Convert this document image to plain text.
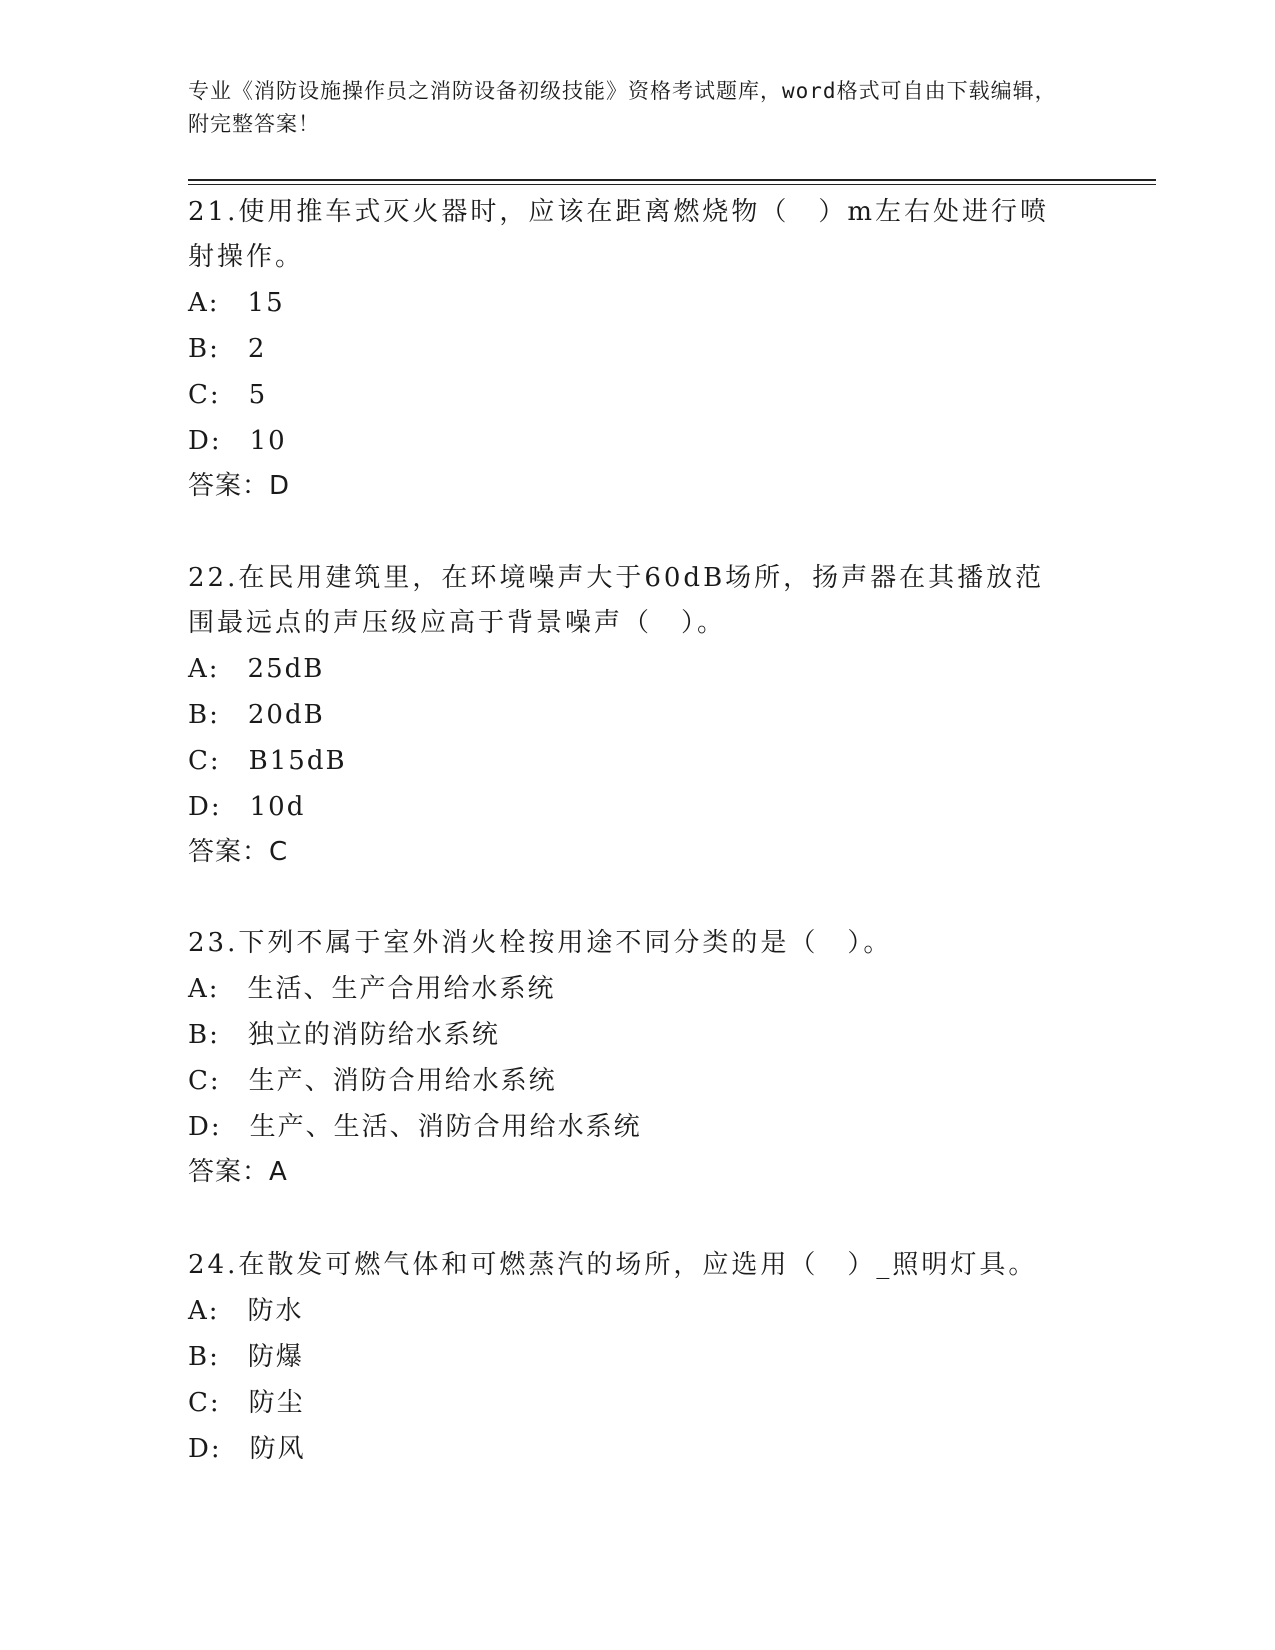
专业《消防设施操作员之消防设备初级技能》资格考试题库，word格式可自由下载编辑，附完整答案！

21.使用推车式灭火器时，应该在距离燃烧物（　）m左右处进行喷射操作。

A:　15

B:　2

C:　5

D:　10

答案：D

22.在民用建筑里，在环境噪声大于60dB场所，扬声器在其播放范围最远点的声压级应高于背景噪声（　）。

A:　25dB

B:　20dB

C:　B15dB

D:　10d

答案：C

23.下列不属于室外消火栓按用途不同分类的是（　）。

A:　生活、生产合用给水系统

B:　独立的消防给水系统

C:　生产、消防合用给水系统

D:　生产、生活、消防合用给水系统

答案：A

24.在散发可燃气体和可燃蒸汽的场所，应选用（　）_照明灯具。

A:　防水

B:　防爆

C:　防尘

D:　防风
